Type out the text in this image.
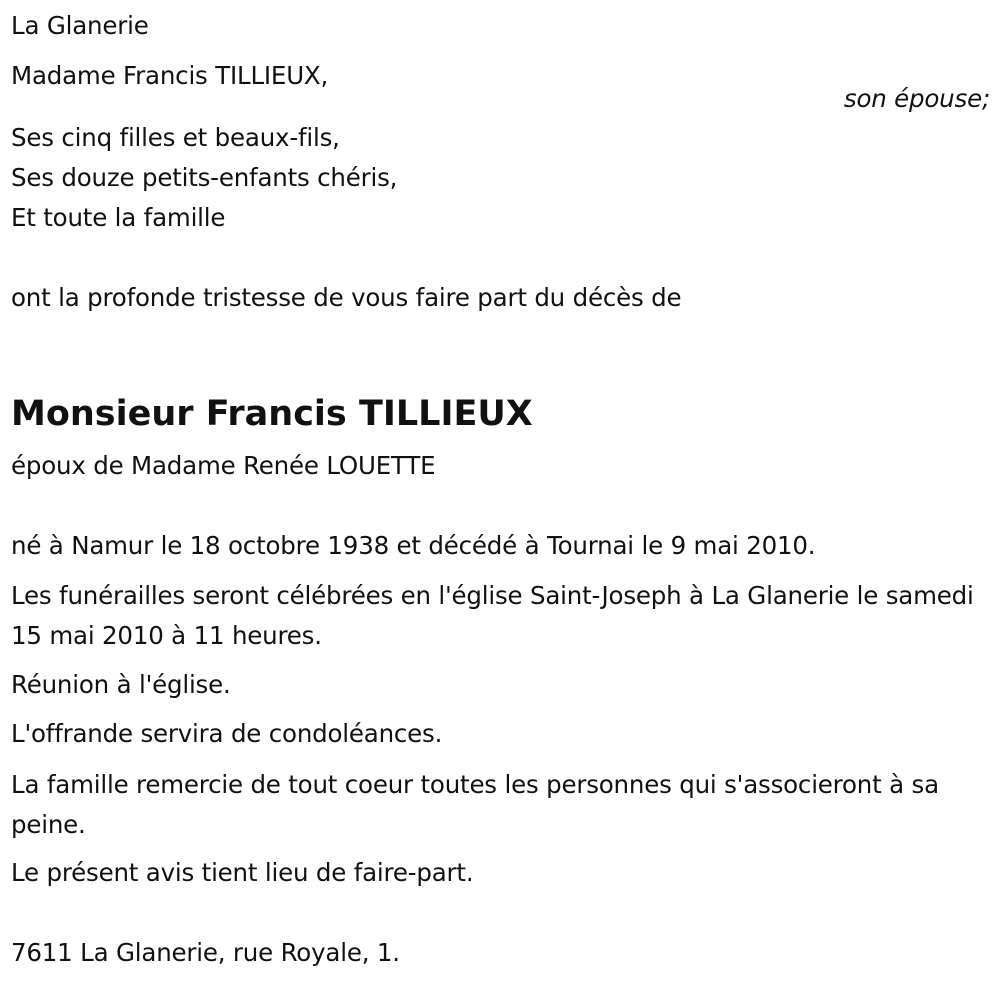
La Glanerie

Madame Francis TILLIEUX,

son épouse;

Ses cinq filles et beaux-fils,

Ses douze petits-enfants chéris,

Et toute la famille

ont la profonde tristesse de vous faire part du décès de

Monsieur Francis TILLIEUX

époux de Madame Renée LOUETTE

né à Namur le 18 octobre 1938 et décédé à Tournai le 9 mai 2010.

Les funérailles seront célébrées en l'église Saint-Joseph à La Glanerie le samedi 15 mai 2010 à 11 heures.

Réunion à l'église.

L'offrande servira de condoléances.

La famille remercie de tout coeur toutes les personnes qui s'associeront à sa peine.

Le présent avis tient lieu de faire-part.

7611 La Glanerie, rue Royale, 1.
